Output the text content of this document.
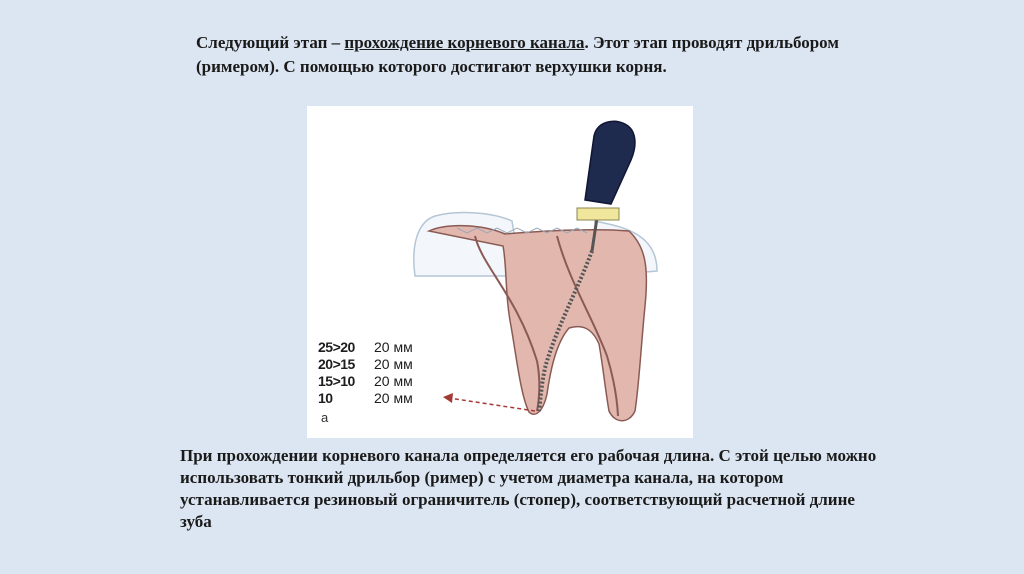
Следующий этап – прохождение корневого канала. Этот этап проводят дрильбором (римером). С помощью которого достигают верхушки корня.
25>20	20 мм
20>15	20 мм
15>10	20 мм
10	20 мм
а
При прохождении корневого канала определяется его рабочая длина. С этой целью можно использовать тонкий дрильбор (ример) с учетом диаметра канала, на котором устанавливается резиновый ограничитель (стопер), соответствующий расчетной длине зуба
